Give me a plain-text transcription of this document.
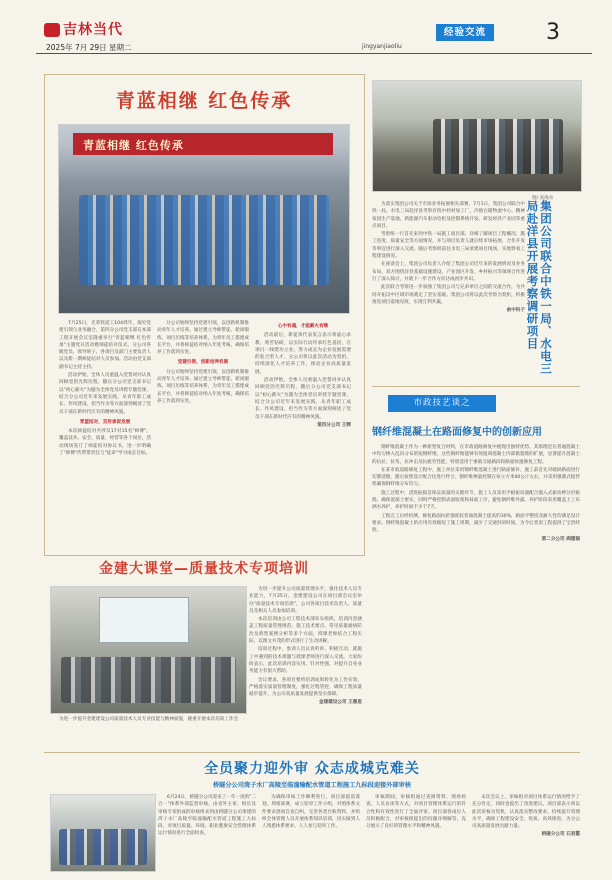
吉林当代
2025年 7月 29日 星期二	jingyanjiaoliu
经验交流	3
青蓝相继 红色传承
青蓝相继 红色传承

7月25日，光荣铁道工104周年，探究党建引领与业务融合，第四分公司党支部在本部工程开展会议室隆重举行"青蓝相继 红色传承"主题党日活动暨师徒结对仪式。分公司各级党员、领导班子、各项目及部门主要负责人以及新一期师徒结对人员参加。活动由党支部副书记主持主持。

活动伊始，全体人员重温入党誓词并认真回顾党的光辉历程，随后分公司党支部书记以"初心薪火"为题为全体党员讲授专题党课，结合分公司近年来发展实践，从青年职工成长、作风建设、担当作为等方面深刻阐述了党员干部在新时代应有的精神风貌。

青蓝结对，双传承促发展

本次师徒结对共涉及17对15名"师傅"，覆盖技术、安全、质量、经营等各个岗位，活动现场签订了师徒结对协议书，进一步明确了"师傅"传帮带责任与"徒弟"学习成长目标。

分公司始终坚持党建引领，以创新机制推动青年人才培养。通过建立导师带徒、轮岗锻炼、项目历练等培养体系，为青年员工搭建成长平台，并将师徒结对纳入年度考核，确保培养工作落到实处。

党建引领，创新培养机制

分公司始终坚持党建引领，以创新机制推动青年人才培养。通过建立导师带徒、轮岗锻炼、项目历练等培养体系，为青年员工搭建成长平台，并将师徒结对纳入年度考核，确保培养工作落到实处。

心中有魂，才能薪火有继

活动最后，新徒弟代表发言表示将虚心求教、刻苦钻研，以实际行动传承红色基因，在项目一线建功立业，努力成长为企业发展需要的复合型人才。分公司将以此次活动为契机，持续深化人才培养工作，推动企业高质量发展。

活动伊始，全体人员重温入党誓词并认真回顾党的光辉历程，随后分公司党支部书记以"初心薪火"为题为全体党员讲授专题党课，结合分公司近年来发展实践，从青年职工成长、作风建设、担当作为等方面深刻阐述了党员干部在新时代应有的精神风貌。

第四分公司 王辉

图/ 查海水

为落实集团公司关于市场业务拓展相关部署，7月1日，集团公司联合中铁一局、水电三局赴洋县考察有机中药材加工厂，冷链仓储物流中心、精神家园生产基地，新能源汽车驱动电机及控制系统开发、研发经济产业园等重点项目。

考察组一行首先来到中铁一局施工项目部，详细了解项目工程概况、施工进度、质量安全等方面情况，并与项目负责人就后续市场拓展、合作开发等事宜进行深入交流。随后考察组前往水电三局承建项目现场，实地察看工程建设情况。

在座谈会上，集团公司负责人介绍了集团公司近年来的发展情况及业务布局，双方围绕洋县基础设施建设、产业园区开发、乡村振兴等领域合作进行了深入探讨，并就下一步合作方向达成初步共识。

此次联合考察进一步加强了集团公司与兄弟单位之间的交流合作，为共同开拓汉中区域市场奠定了坚实基础。集团公司将以此次考察为契机，积极推进项目落地见效，实现互利共赢。

俞中科子	集团公司联合中铁一局、水电三局赴洋县开展考察调研项目
市政技艺谈之
钢纤维混凝土在路面修复中的创新应用

钢纤维混凝土作为一种新型复合材料，在市政道路修复中展现出独特优势。其原理是在普通混凝土中均匀掺入乱向分布的短钢纤维，这些钢纤维能够有效阻碍混凝土内部微裂缝的扩展，显著提升混凝土的抗拉、抗弯、抗冲击及抗疲劳性能，特别适用于重载交通路段和路面快速修复工程。

在某市政道路修复工程中，施工单位采用钢纤维混凝土进行路面修补，施工前首先对破损路面进行切割清理，随后按照设计配合比进行拌合，钢纤维掺量控制在每立方米40公斤左右，并采用强制式搅拌机确保钢纤维分布均匀。

施工过程中，浇筑振捣是保证质量的关键环节，施工人员采用平板振动器配合插入式振动棒分层振捣，确保混凝土密实，同时严格控制表面收浆和抹面工序，避免钢纤维外露。养护阶段采用覆盖土工布洒水养护，养护时间不少于7天。

工程完工后经检测，修复路面抗折强度较普通混凝土提高约30%，路面平整度及耐久性均满足设计要求。钢纤维混凝土的应用有效缩短了施工周期，减少了交通封闭时间，为今后类似工程提供了宝贵经验。

第二分公司 阎德福

金建大课堂—质量技术专项培训

为进一步提升金建建设公司质量技术人员专业技能与精神面貌，隆重开展本次培训工作会

为进一步提升公司质量管理水平，强化技术人员专业能力，7月25日，金建建设公司在项目部会议室举办"质量技术专项培训"，公司各项目技术负责人、质量员及相关人员参加培训。

本次培训由公司工程技术部牵头组织，培训内容涵盖工程质量管理规范、施工技术要点、常见质量通病防治及典型案例分析等多个方面，授课老师结合工程实际，以图文并茂的形式进行了生动讲解。

培训过程中，参训人员认真听讲、积极互动，就施工中遇到的技术难题与授课老师进行深入交流。大家纷纷表示，此次培训内容实用、针对性强，对提升自身业务能力有很大帮助。

会议要求，各项目要将培训成果转化为工作实效，严格落实质量管理制度，强化过程管控，确保工程质量稳步提升，为公司高质量发展提供坚实保障。

金建建设公司 王惠思

全员聚力迎外审 众志成城克难关
桥隧分公司湾子水厂高陵至临潼输配水管道工程施工九标段迎接外部审核

6月24日，桥隧分公司迎来了一年一度的"二合一"体系外部监督审核，由省外主审、组长及审核专家组成的审核组来到由桥隧分公司承建的湾子水厂高陵至临潼输配水管道工程施工九标段，对项目质量、环境、职业健康安全管理体系运行情况进行全面检查。

为确保审核工作顺利进行，项目部提前谋划、周密部署，成立迎审工作小组，对照体系文件要求逐项自查自纠，完善各类台账资料，并组织全体管理人员开展体系知识培训，切实做到人人熟悉体系要求、人人参与迎审工作。

审核期间，审核组通过查阅资料、现场检查、人员访谈等方式，对项目管理体系运行的符合性和有效性进行了全面评审。项目部各岗位人员积极配合，对审核组提出的问题详细解答，充分展示了良好的管理水平和精神风貌。

末次会议上，审核组对项目体系运行情况给予了充分肯定，同时也提出了改进建议。项目部表示将以此次审核为契机，认真落实整改要求，持续提升管理水平，确保工程建设安全、优质、高效推进，为分公司高质量发展贡献力量。

桥隧分公司 石君霞
